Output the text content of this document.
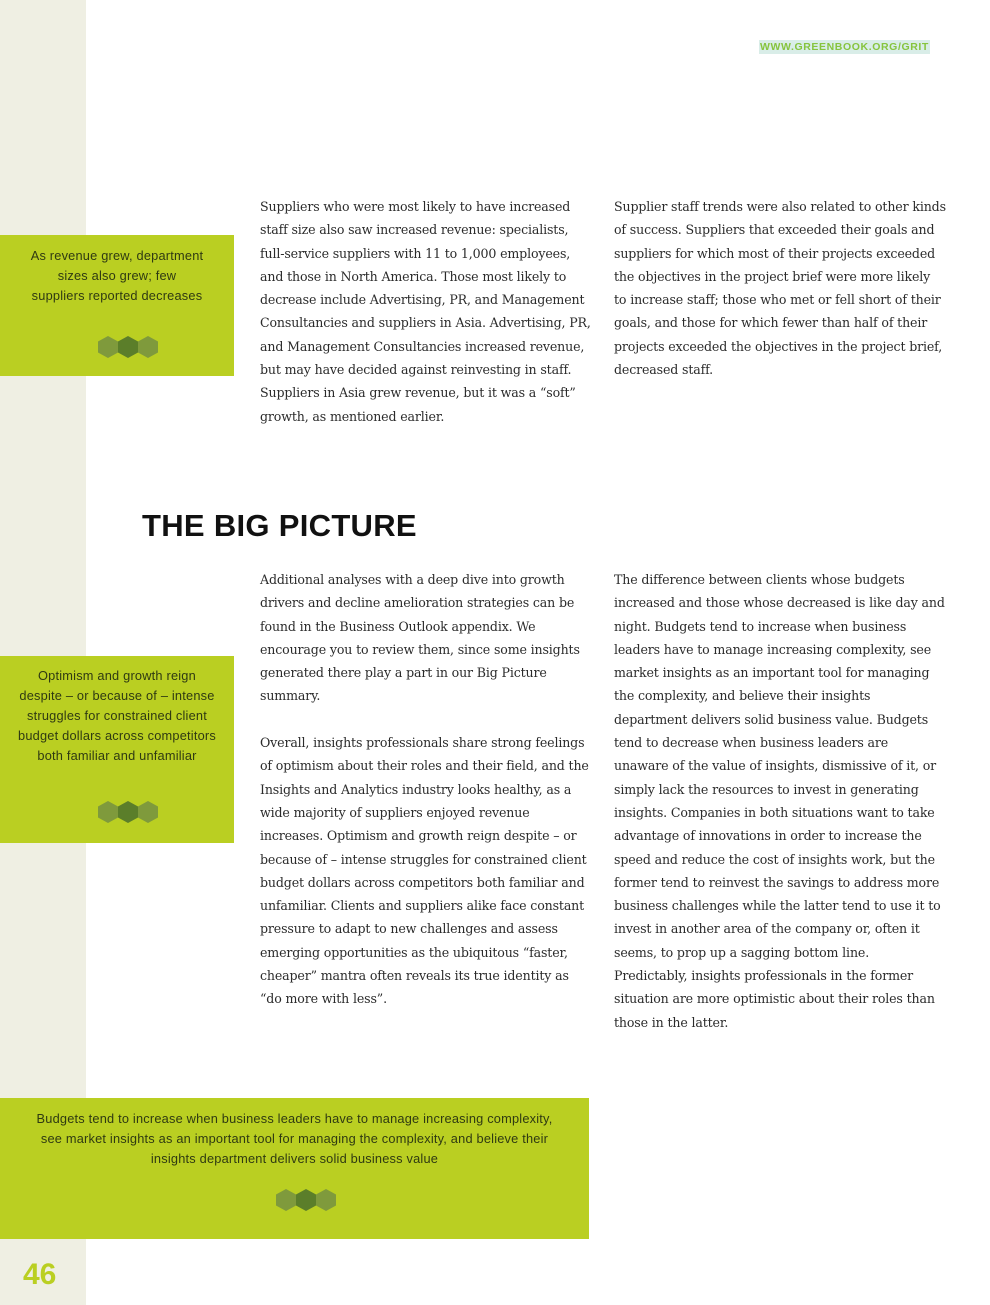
WWW.GREENBOOK.ORG/GRIT

Suppliers who were most likely to have increased staff size also saw increased revenue: specialists, full-service suppliers with 11 to 1,000 employees, and those in North America. Those most likely to decrease include Advertising, PR, and Management Consultancies and suppliers in Asia. Advertising, PR, and Management Consultancies increased revenue, but may have decided against reinvesting in staff. Suppliers in Asia grew revenue, but it was a “soft” growth, as mentioned earlier.

Supplier staff trends were also related to other kinds of success. Suppliers that exceeded their goals and suppliers for which most of their projects exceeded the objectives in the project brief were more likely to increase staff; those who met or fell short of their goals, and those for which fewer than half of their projects exceeded the objectives in the project brief, decreased staff.

As revenue grew, department sizes also grew; few suppliers reported decreases
THE BIG PICTURE

Additional analyses with a deep dive into growth drivers and decline amelioration strategies can be found in the Business Outlook appendix. We encourage you to review them, since some insights generated there play a part in our Big Picture summary.

Overall, insights professionals share strong feelings of optimism about their roles and their field, and the Insights and Analytics industry looks healthy, as a wide majority of suppliers enjoyed revenue increases. Optimism and growth reign despite – or because of – intense struggles for constrained client budget dollars across competitors both familiar and unfamiliar. Clients and suppliers alike face constant pressure to adapt to new challenges and assess emerging opportunities as the ubiquitous “faster, cheaper” mantra often reveals its true identity as “do more with less”.

The difference between clients whose budgets increased and those whose decreased is like day and night. Budgets tend to increase when business leaders have to manage increasing complexity, see market insights as an important tool for managing the complexity, and believe their insights department delivers solid business value. Budgets tend to decrease when business leaders are unaware of the value of insights, dismissive of it, or simply lack the resources to invest in generating insights. Companies in both situations want to take advantage of innovations in order to increase the speed and reduce the cost of insights work, but the former tend to reinvest the savings to address more business challenges while the latter tend to use it to invest in another area of the company or, often it seems, to prop up a sagging bottom line. Predictably, insights professionals in the former situation are more optimistic about their roles than those in the latter.

Optimism and growth reign despite – or because of – intense struggles for constrained client budget dollars across competitors both familiar and unfamiliar
Budgets tend to increase when business leaders have to manage increasing complexity, see market insights as an important tool for managing the complexity, and believe their insights department delivers solid business value
46
